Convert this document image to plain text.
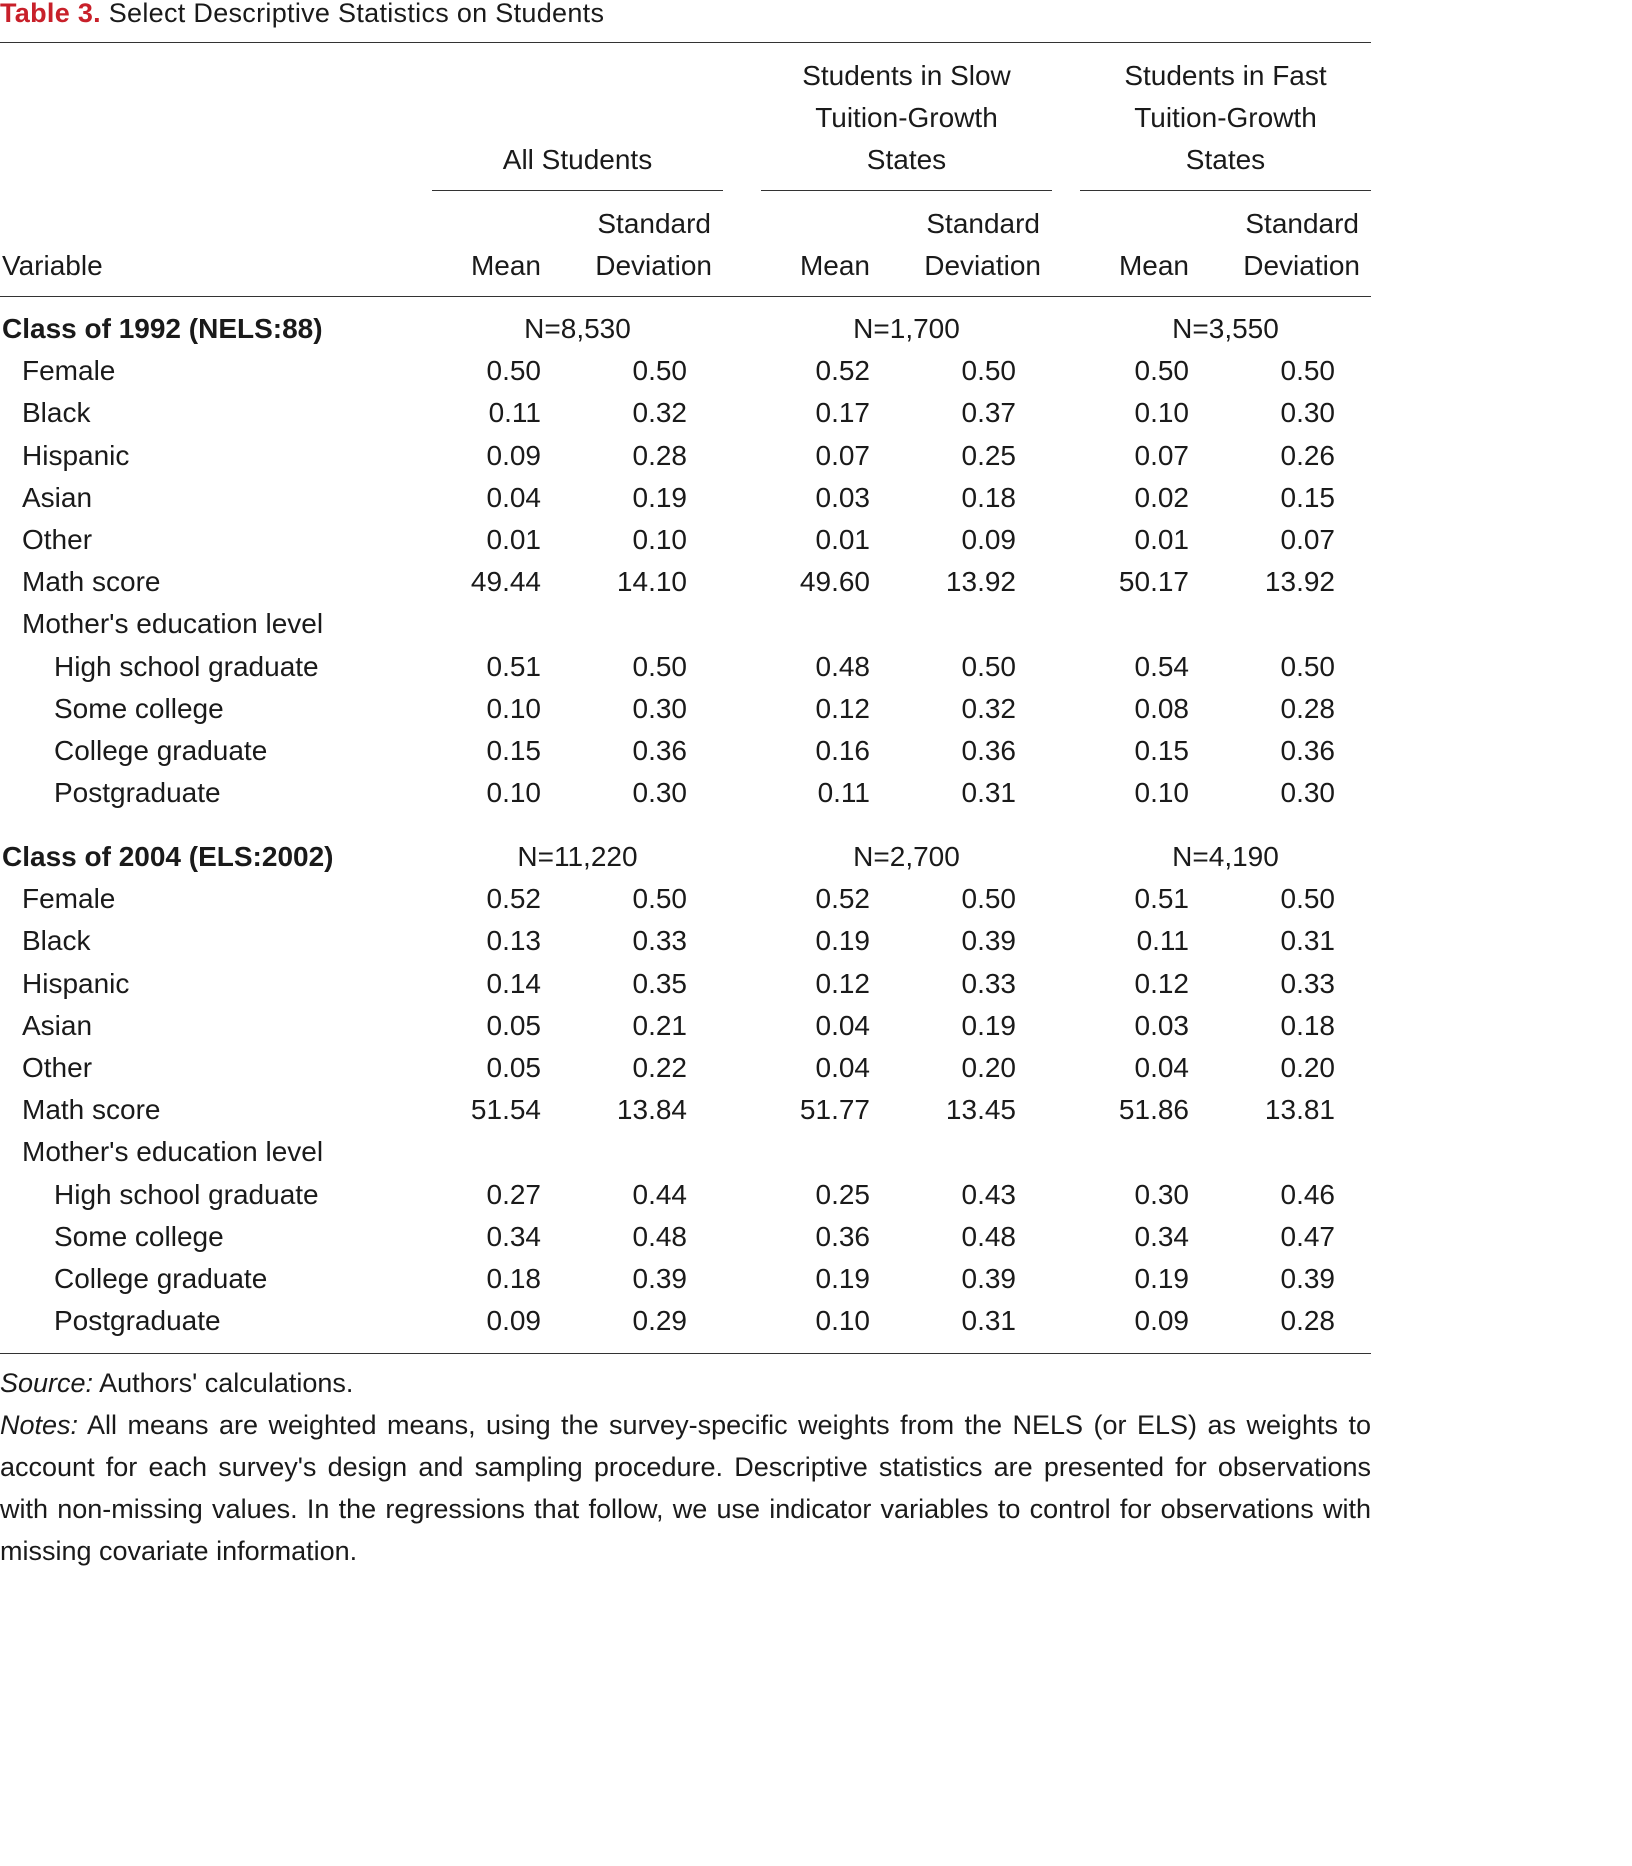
Table 3. Select Descriptive Statistics on Students
All Students
Students in Slow
Tuition-Growth
States
Students in Fast
Tuition-Growth
States
Variable	Mean
Standard
Deviation	Mean
Standard
Deviation	Mean
Standard
Deviation
Class of 1992 (NELS:88)	N=8,530	N=1,700	N=3,550
Female	0.50	0.50	0.52	0.50	0.50	0.50
Black	0.11	0.32	0.17	0.37	0.10	0.30
Hispanic	0.09	0.28	0.07	0.25	0.07	0.26
Asian	0.04	0.19	0.03	0.18	0.02	0.15
Other	0.01	0.10	0.01	0.09	0.01	0.07
Math score	49.44	14.10	49.60	13.92	50.17	13.92
Mother's education level
High school graduate	0.51	0.50	0.48	0.50	0.54	0.50
Some college	0.10	0.30	0.12	0.32	0.08	0.28
College graduate	0.15	0.36	0.16	0.36	0.15	0.36
Postgraduate	0.10	0.30	0.11	0.31	0.10	0.30
Class of 2004 (ELS:2002)	N=11,220	N=2,700	N=4,190
Female	0.52	0.50	0.52	0.50	0.51	0.50
Black	0.13	0.33	0.19	0.39	0.11	0.31
Hispanic	0.14	0.35	0.12	0.33	0.12	0.33
Asian	0.05	0.21	0.04	0.19	0.03	0.18
Other	0.05	0.22	0.04	0.20	0.04	0.20
Math score	51.54	13.84	51.77	13.45	51.86	13.81
Mother's education level
High school graduate	0.27	0.44	0.25	0.43	0.30	0.46
Some college	0.34	0.48	0.36	0.48	0.34	0.47
College graduate	0.18	0.39	0.19	0.39	0.19	0.39
Postgraduate	0.09	0.29	0.10	0.31	0.09	0.28
Source: Authors' calculations.
Notes: All means are weighted means, using the survey-specific weights from the NELS (or ELS) as weights to account for each survey's design and sampling procedure. Descriptive statistics are presented for observations with non-missing values. In the regressions that follow, we use indicator variables to control for observations with missing covariate information.
